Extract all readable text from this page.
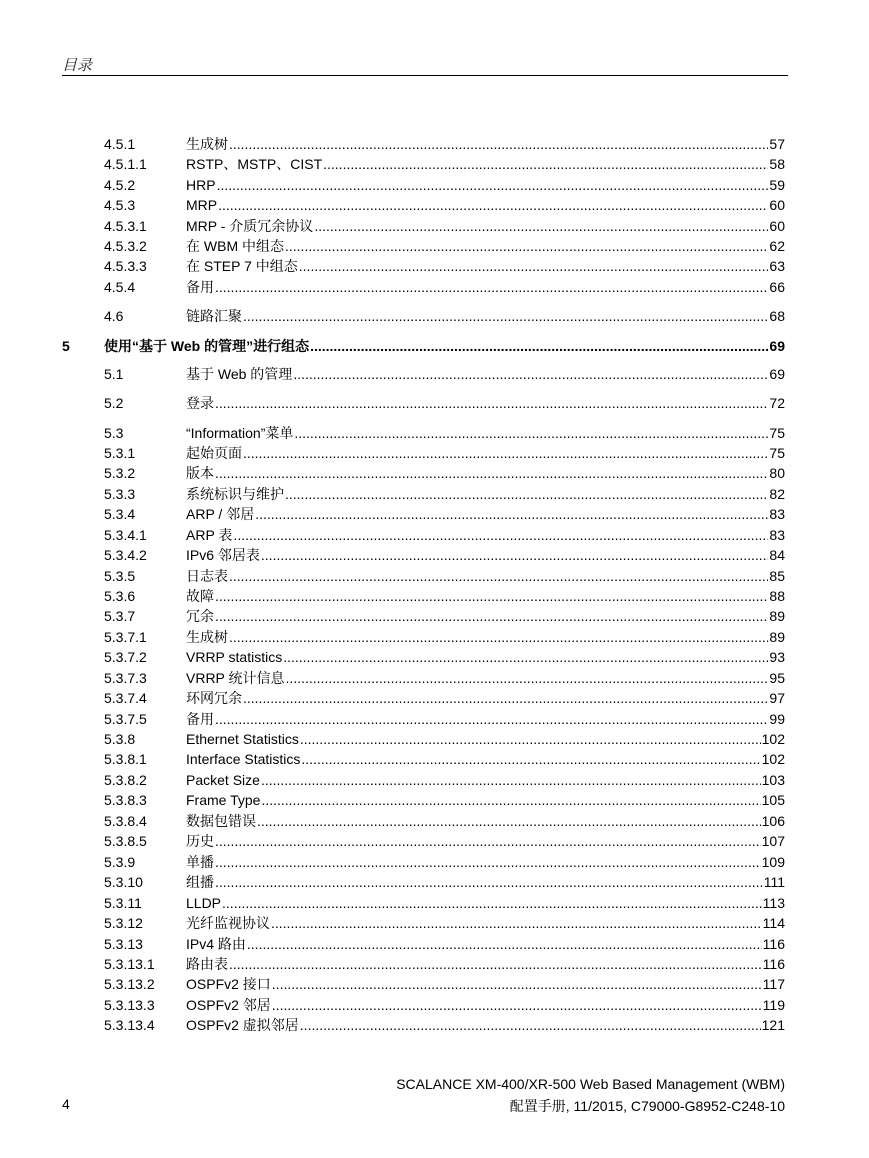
目录
4.5.1	生成树 .....	57
4.5.1.1	RSTP、MSTP、CIST .....	58
4.5.2	HRP .....	59
4.5.3	MRP .....	60
4.5.3.1	MRP - 介质冗余协议 .....	60
4.5.3.2	在 WBM 中组态 .....	62
4.5.3.3	在 STEP 7 中组态 .....	63
4.5.4	备用 .....	66
4.6	链路汇聚 .....	68
5 使用“基于 Web 的管理”进行组态 .....	69
5.1	基于 Web 的管理 .....	69
5.2	登录 .....	72
5.3	“Information”菜单 .....	75
5.3.1	起始页面 .....	75
5.3.2	版本 .....	80
5.3.3	系统标识与维护 .....	82
5.3.4	ARP / 邻居 .....	83
5.3.4.1	ARP 表 .....	83
5.3.4.2	IPv6 邻居表 .....	84
5.3.5	日志表 .....	85
5.3.6	故障 .....	88
5.3.7	冗余 .....	89
5.3.7.1	生成树 .....	89
5.3.7.2	VRRP statistics .....	93
5.3.7.3	VRRP 统计信息 .....	95
5.3.7.4	环网冗余 .....	97
5.3.7.5	备用 .....	99
5.3.8	Ethernet Statistics .....	102
5.3.8.1	Interface Statistics .....	102
5.3.8.2	Packet Size .....	103
5.3.8.3	Frame Type .....	105
5.3.8.4	数据包错误 .....	106
5.3.8.5	历史 .....	107
5.3.9	单播 .....	109
5.3.10	组播 .....	111
5.3.11	LLDP .....	113
5.3.12	光纤监视协议 .....	114
5.3.13	IPv4 路由 .....	116
5.3.13.1 路由表 .....	116
5.3.13.2 OSPFv2 接口 .....	117
5.3.13.3 OSPFv2 邻居 .....	119
5.3.13.4 OSPFv2 虚拟邻居 .....	121
SCALANCE XM-400/XR-500 Web Based Management (WBM)
配置手册, 11/2015, C79000-G8952-C248-10
4
